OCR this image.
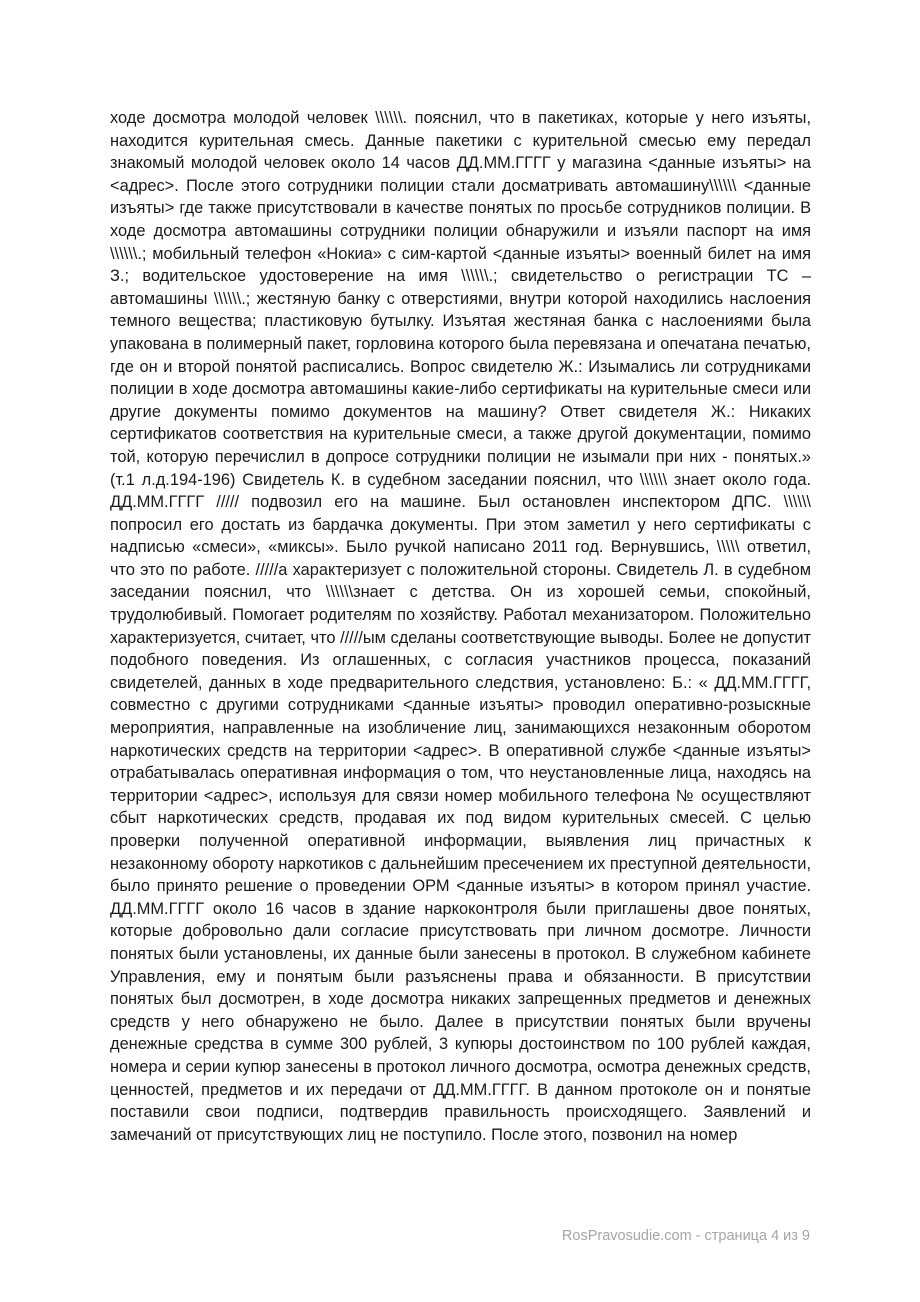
ходе досмотра молодой человек \\\\\\. пояснил, что в пакетиках, которые у него изъяты, находится курительная смесь. Данные пакетики с курительной смесью ему передал знакомый молодой человек около 14 часов ДД.ММ.ГГГГ у магазина <данные изъяты> на <адрес>. После этого сотрудники полиции стали досматривать автомашину\\\\\\ <данные изъяты> где также присутствовали в качестве понятых по просьбе сотрудников полиции. В ходе досмотра автомашины сотрудники полиции обнаружили и изъяли паспорт на имя \\\\\\.; мобильный телефон «Нокиа» с сим-картой <данные изъяты> военный билет на имя З.; водительское удостоверение на имя \\\\\\.; свидетельство о регистрации ТС – автомашины \\\\\\.; жестяную банку с отверстиями, внутри которой находились наслоения темного вещества; пластиковую бутылку. Изъятая жестяная банка с наслоениями была упакована в полимерный пакет, горловина которого была перевязана и опечатана печатью, где он и второй понятой расписались. Вопрос свидетелю Ж.: Изымались ли сотрудниками полиции в ходе досмотра автомашины какие-либо сертификаты на курительные смеси или другие документы помимо документов на машину? Ответ свидетеля Ж.: Никаких сертификатов соответствия на курительные смеси, а также другой документации, помимо той, которую перечислил в допросе сотрудники полиции не изымали при них - понятых.» (т.1 л.д.194-196) Свидетель К. в судебном заседании пояснил, что \\\\\\ знает около года. ДД.ММ.ГГГГ ///// подвозил его на машине. Был остановлен инспектором ДПС. \\\\\\ попросил его достать из бардачка документы. При этом заметил у него сертификаты с надписью «смеси», «миксы». Было ручкой написано 2011 год. Вернувшись, \\\\\ ответил, что это по работе. /////а характеризует с положительной стороны. Свидетель Л. в судебном заседании пояснил, что \\\\\\знает с детства. Он из хорошей семьи, спокойный, трудолюбивый. Помогает родителям по хозяйству. Работал механизатором. Положительно характеризуется, считает, что /////ым сделаны соответствующие выводы. Более не допустит подобного поведения. Из оглашенных, с согласия участников процесса, показаний свидетелей, данных в ходе предварительного следствия, установлено: Б.: « ДД.ММ.ГГГГ, совместно с другими сотрудниками <данные изъяты> проводил оперативно-розыскные мероприятия, направленные на изобличение лиц, занимающихся незаконным оборотом наркотических средств на территории <адрес>. В оперативной службе <данные изъяты> отрабатывалась оперативная информация о том, что неустановленные лица, находясь на территории <адрес>, используя для связи номер мобильного телефона № осуществляют сбыт наркотических средств, продавая их под видом курительных смесей. С целью проверки полученной оперативной информации, выявления лиц причастных к незаконному обороту наркотиков с дальнейшим пресечением их преступной деятельности, было принято решение о проведении ОРМ <данные изъяты> в котором принял участие. ДД.ММ.ГГГГ около 16 часов в здание наркоконтроля были приглашены двое понятых, которые добровольно дали согласие присутствовать при личном досмотре. Личности понятых были установлены, их данные были занесены в протокол. В служебном кабинете Управления, ему и понятым были разъяснены права и обязанности. В присутствии понятых был досмотрен, в ходе досмотра никаких запрещенных предметов и денежных средств у него обнаружено не было. Далее в присутствии понятых были вручены денежные средства в сумме 300 рублей, 3 купюры достоинством по 100 рублей каждая, номера и серии купюр занесены в протокол личного досмотра, осмотра денежных средств, ценностей, предметов и их передачи от ДД.ММ.ГГГГ. В данном протоколе он и понятые поставили свои подписи, подтвердив правильность происходящего. Заявлений и замечаний от присутствующих лиц не поступило. После этого, позвонил на номер

RosPravosudie.com - страница 4 из 9
